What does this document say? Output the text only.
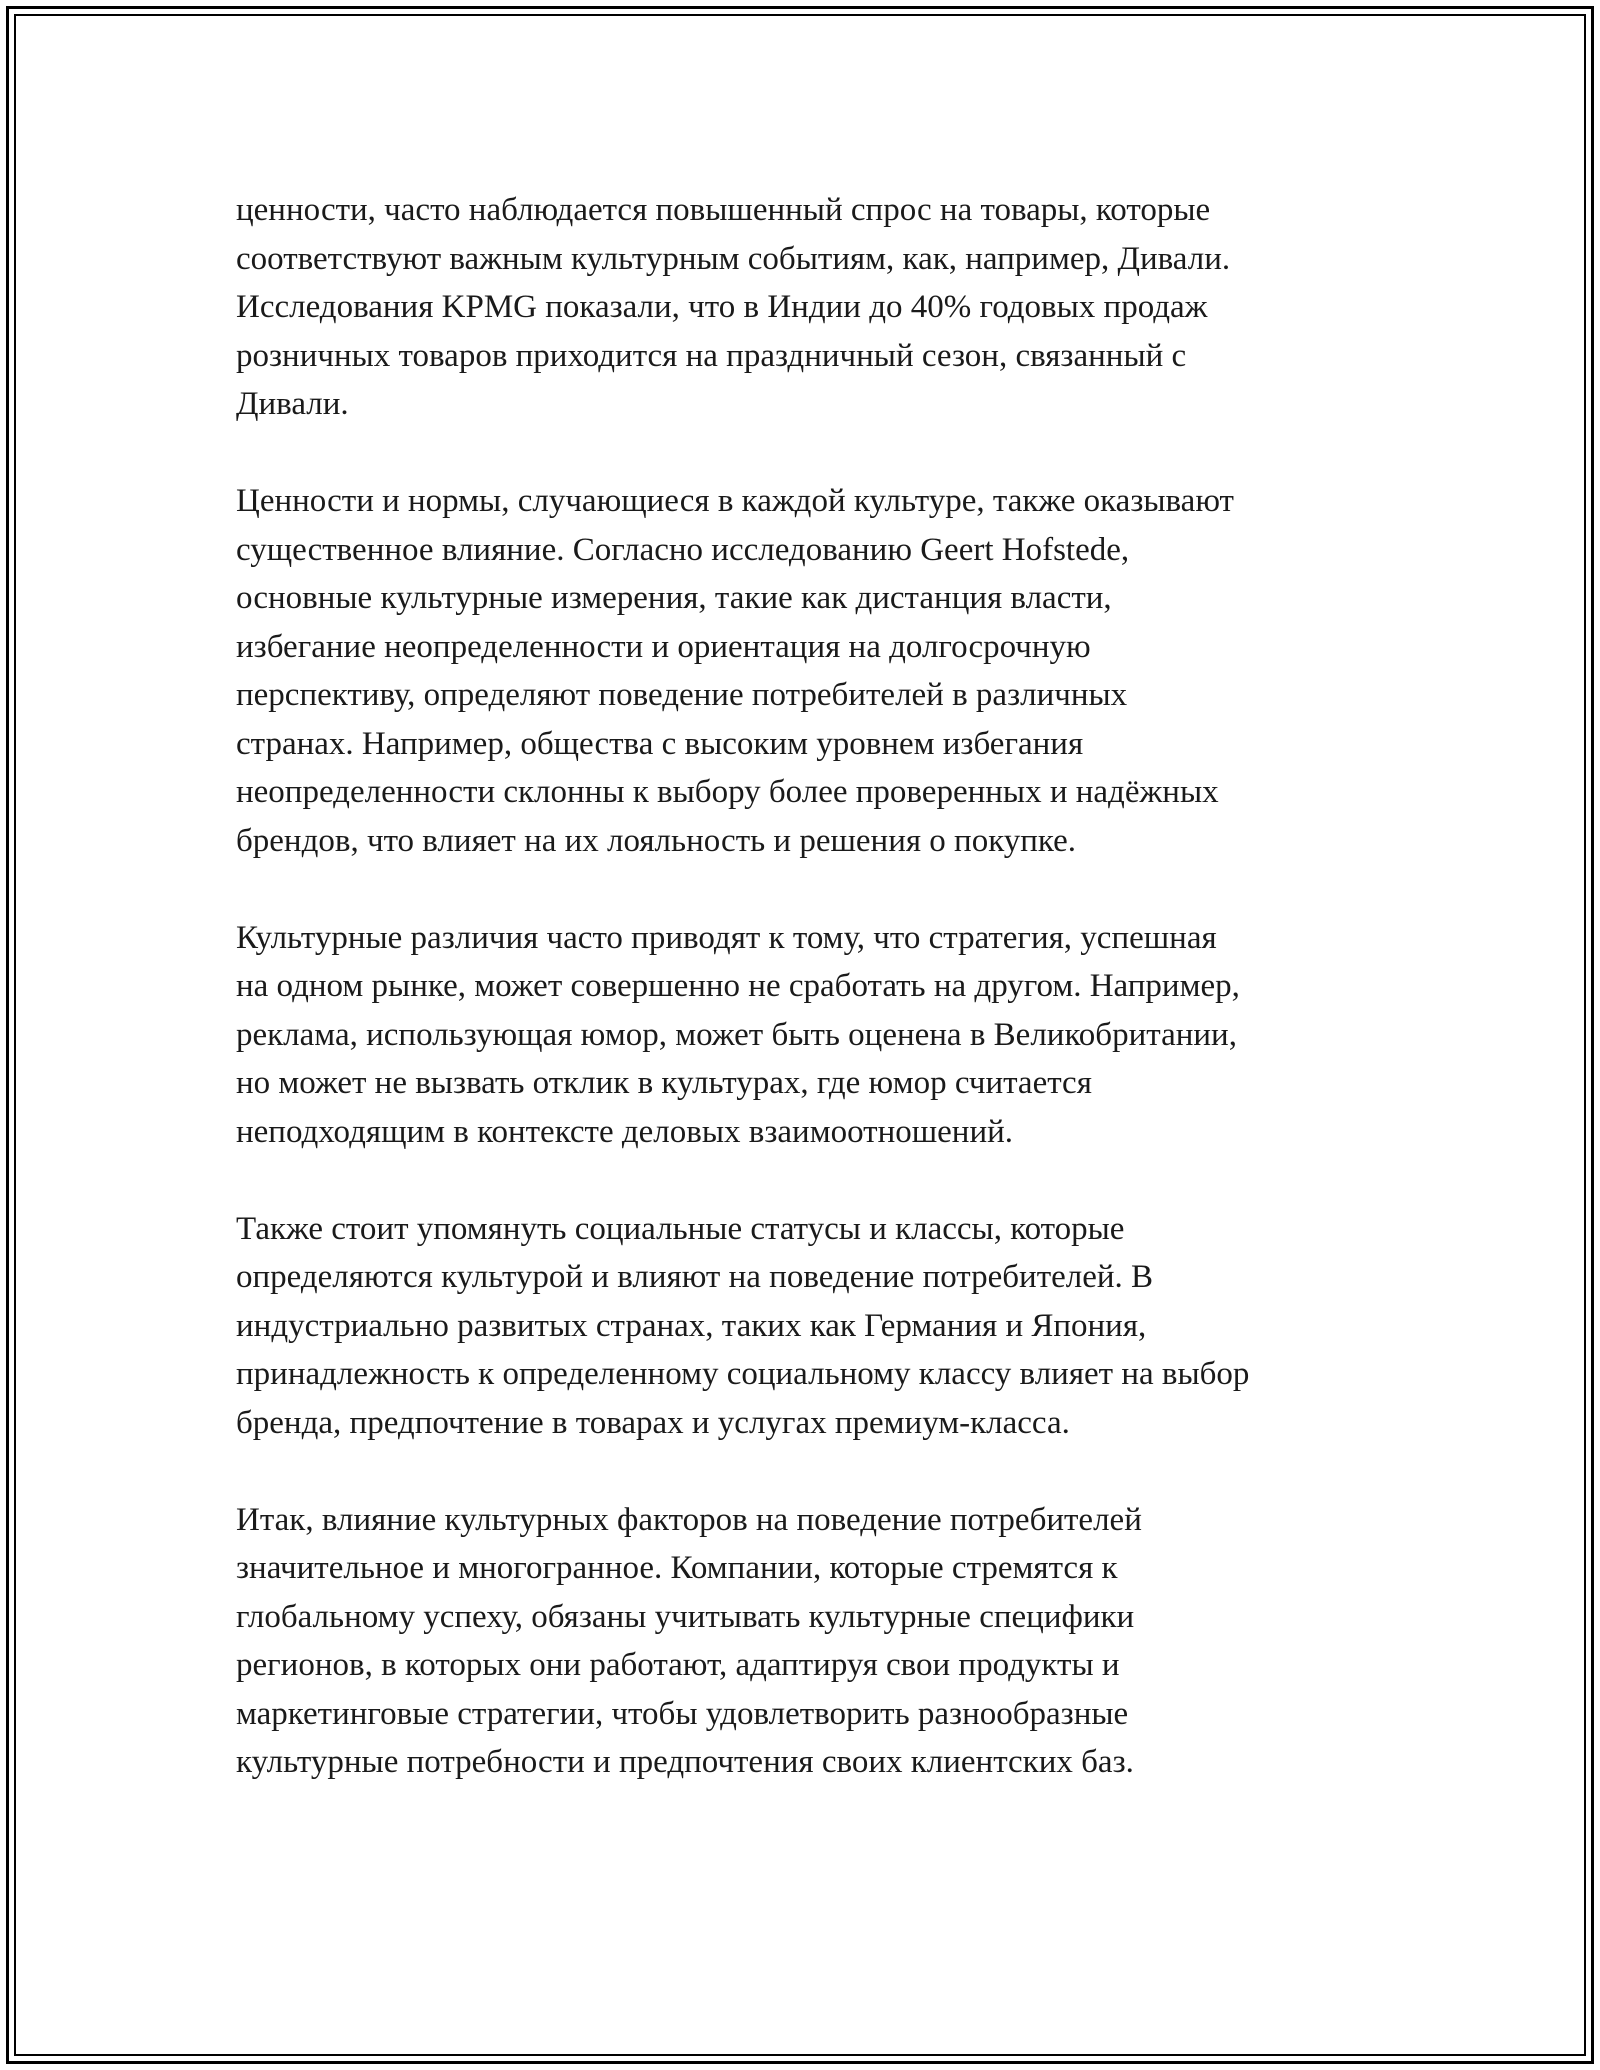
ценности, часто наблюдается повышенный спрос на товары, которые
соответствуют важным культурным событиям, как, например, Дивали.
Исследования KPMG показали, что в Индии до 40% годовых продаж
розничных товаров приходится на праздничный сезон, связанный с
Дивали.

Ценности и нормы, случающиеся в каждой культуре, также оказывают
существенное влияние. Согласно исследованию Geert Hofstede,
основные культурные измерения, такие как дистанция власти,
избегание неопределенности и ориентация на долгосрочную
перспективу, определяют поведение потребителей в различных
странах. Например, общества с высоким уровнем избегания
неопределенности склонны к выбору более проверенных и надёжных
брендов, что влияет на их лояльность и решения о покупке.

Культурные различия часто приводят к тому, что стратегия, успешная
на одном рынке, может совершенно не сработать на другом. Например,
реклама, использующая юмор, может быть оценена в Великобритании,
но может не вызвать отклик в культурах, где юмор считается
неподходящим в контексте деловых взаимоотношений.

Также стоит упомянуть социальные статусы и классы, которые
определяются культурой и влияют на поведение потребителей. В
индустриально развитых странах, таких как Германия и Япония,
принадлежность к определенному социальному классу влияет на выбор
бренда, предпочтение в товарах и услугах премиум-класса.

Итак, влияние культурных факторов на поведение потребителей
значительное и многогранное. Компании, которые стремятся к
глобальному успеху, обязаны учитывать культурные специфики
регионов, в которых они работают, адаптируя свои продукты и
маркетинговые стратегии, чтобы удовлетворить разнообразные
культурные потребности и предпочтения своих клиентских баз.
